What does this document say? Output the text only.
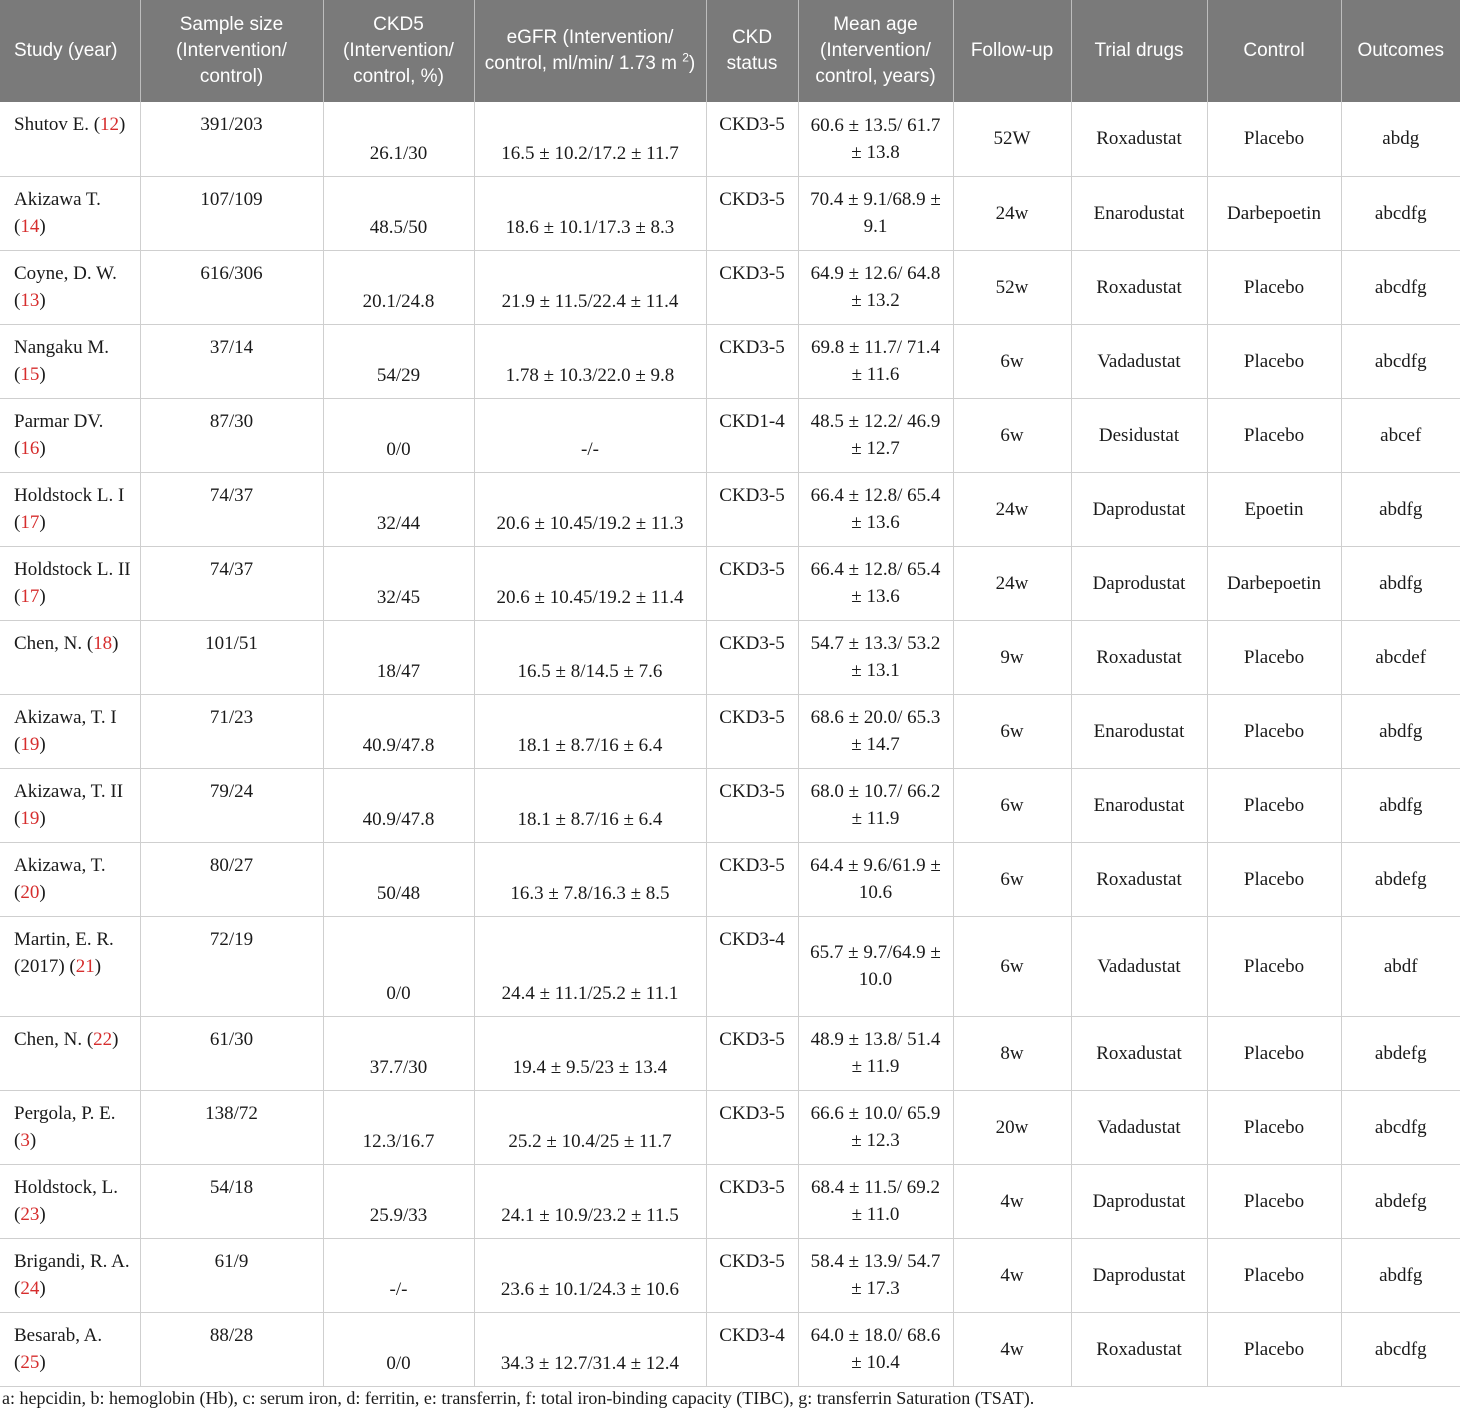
Study (year)	Sample size (Intervention/ control)	CKD5 (Intervention/ control, %)	eGFR (Intervention/ control, ml/min/ 1.73 m $^2$)	CKD status	Mean age (Intervention/ control, years)	Follow-up	Trial drugs	Control	Outcomes
Shutov E. (12)	391/203	26.1/30	16.5 ± 10.2/17.2 ± 11.7	CKD3-5	60.6 ± 13.5/ 61.7 ± 13.8	52W	Roxadustat	Placebo	abdg
Akizawa T. (14)	107/109	48.5/50	18.6 ± 10.1/17.3 ± 8.3	CKD3-5	70.4 ± 9.1/68.9 ± 9.1	24w	Enarodustat	Darbepoetin	abcdfg
Coyne, D. W. (13)	616/306	20.1/24.8	21.9 ± 11.5/22.4 ± 11.4	CKD3-5	64.9 ± 12.6/ 64.8 ± 13.2	52w	Roxadustat	Placebo	abcdfg
Nangaku M. (15)	37/14	54/29	1.78 ± 10.3/22.0 ± 9.8	CKD3-5	69.8 ± 11.7/ 71.4 ± 11.6	6w	Vadadustat	Placebo	abcdfg
Parmar DV. (16)	87/30	0/0	-/-	CKD1-4	48.5 ± 12.2/ 46.9 ± 12.7	6w	Desidustat	Placebo	abcef
Holdstock L. I (17)	74/37	32/44	20.6 ± 10.45/19.2 ± 11.3	CKD3-5	66.4 ± 12.8/ 65.4 ± 13.6	24w	Daprodustat	Epoetin	abdfg
Holdstock L. II (17)	74/37	32/45	20.6 ± 10.45/19.2 ± 11.4	CKD3-5	66.4 ± 12.8/ 65.4 ± 13.6	24w	Daprodustat	Darbepoetin	abdfg
Chen, N. (18)	101/51	18/47	16.5 ± 8/14.5 ± 7.6	CKD3-5	54.7 ± 13.3/ 53.2 ± 13.1	9w	Roxadustat	Placebo	abcdef
Akizawa, T. I (19)	71/23	40.9/47.8	18.1 ± 8.7/16 ± 6.4	CKD3-5	68.6 ± 20.0/ 65.3 ± 14.7	6w	Enarodustat	Placebo	abdfg
Akizawa, T. II (19)	79/24	40.9/47.8	18.1 ± 8.7/16 ± 6.4	CKD3-5	68.0 ± 10.7/ 66.2 ± 11.9	6w	Enarodustat	Placebo	abdfg
Akizawa, T. (20)	80/27	50/48	16.3 ± 7.8/16.3 ± 8.5	CKD3-5	64.4 ± 9.6/61.9 ± 10.6	6w	Roxadustat	Placebo	abdefg
Martin, E. R. (2017) (21)	72/19	0/0	24.4 ± 11.1/25.2 ± 11.1	CKD3-4	65.7 ± 9.7/64.9 ± 10.0	6w	Vadadustat	Placebo	abdf
Chen, N. (22)	61/30	37.7/30	19.4 ± 9.5/23 ± 13.4	CKD3-5	48.9 ± 13.8/ 51.4 ± 11.9	8w	Roxadustat	Placebo	abdefg
Pergola, P. E. (3)	138/72	12.3/16.7	25.2 ± 10.4/25 ± 11.7	CKD3-5	66.6 ± 10.0/ 65.9 ± 12.3	20w	Vadadustat	Placebo	abcdfg
Holdstock, L. (23)	54/18	25.9/33	24.1 ± 10.9/23.2 ± 11.5	CKD3-5	68.4 ± 11.5/ 69.2 ± 11.0	4w	Daprodustat	Placebo	abdefg
Brigandi, R. A. (24)	61/9	-/-	23.6 ± 10.1/24.3 ± 10.6	CKD3-5	58.4 ± 13.9/ 54.7 ± 17.3	4w	Daprodustat	Placebo	abdfg
Besarab, A. (25)	88/28	0/0	34.3 ± 12.7/31.4 ± 12.4	CKD3-4	64.0 ± 18.0/ 68.6 ± 10.4	4w	Roxadustat	Placebo	abcdfg
a: hepcidin, b: hemoglobin (Hb), c: serum iron, d: ferritin, e: transferrin, f: total iron-binding capacity (TIBC), g: transferrin Saturation (TSAT).
